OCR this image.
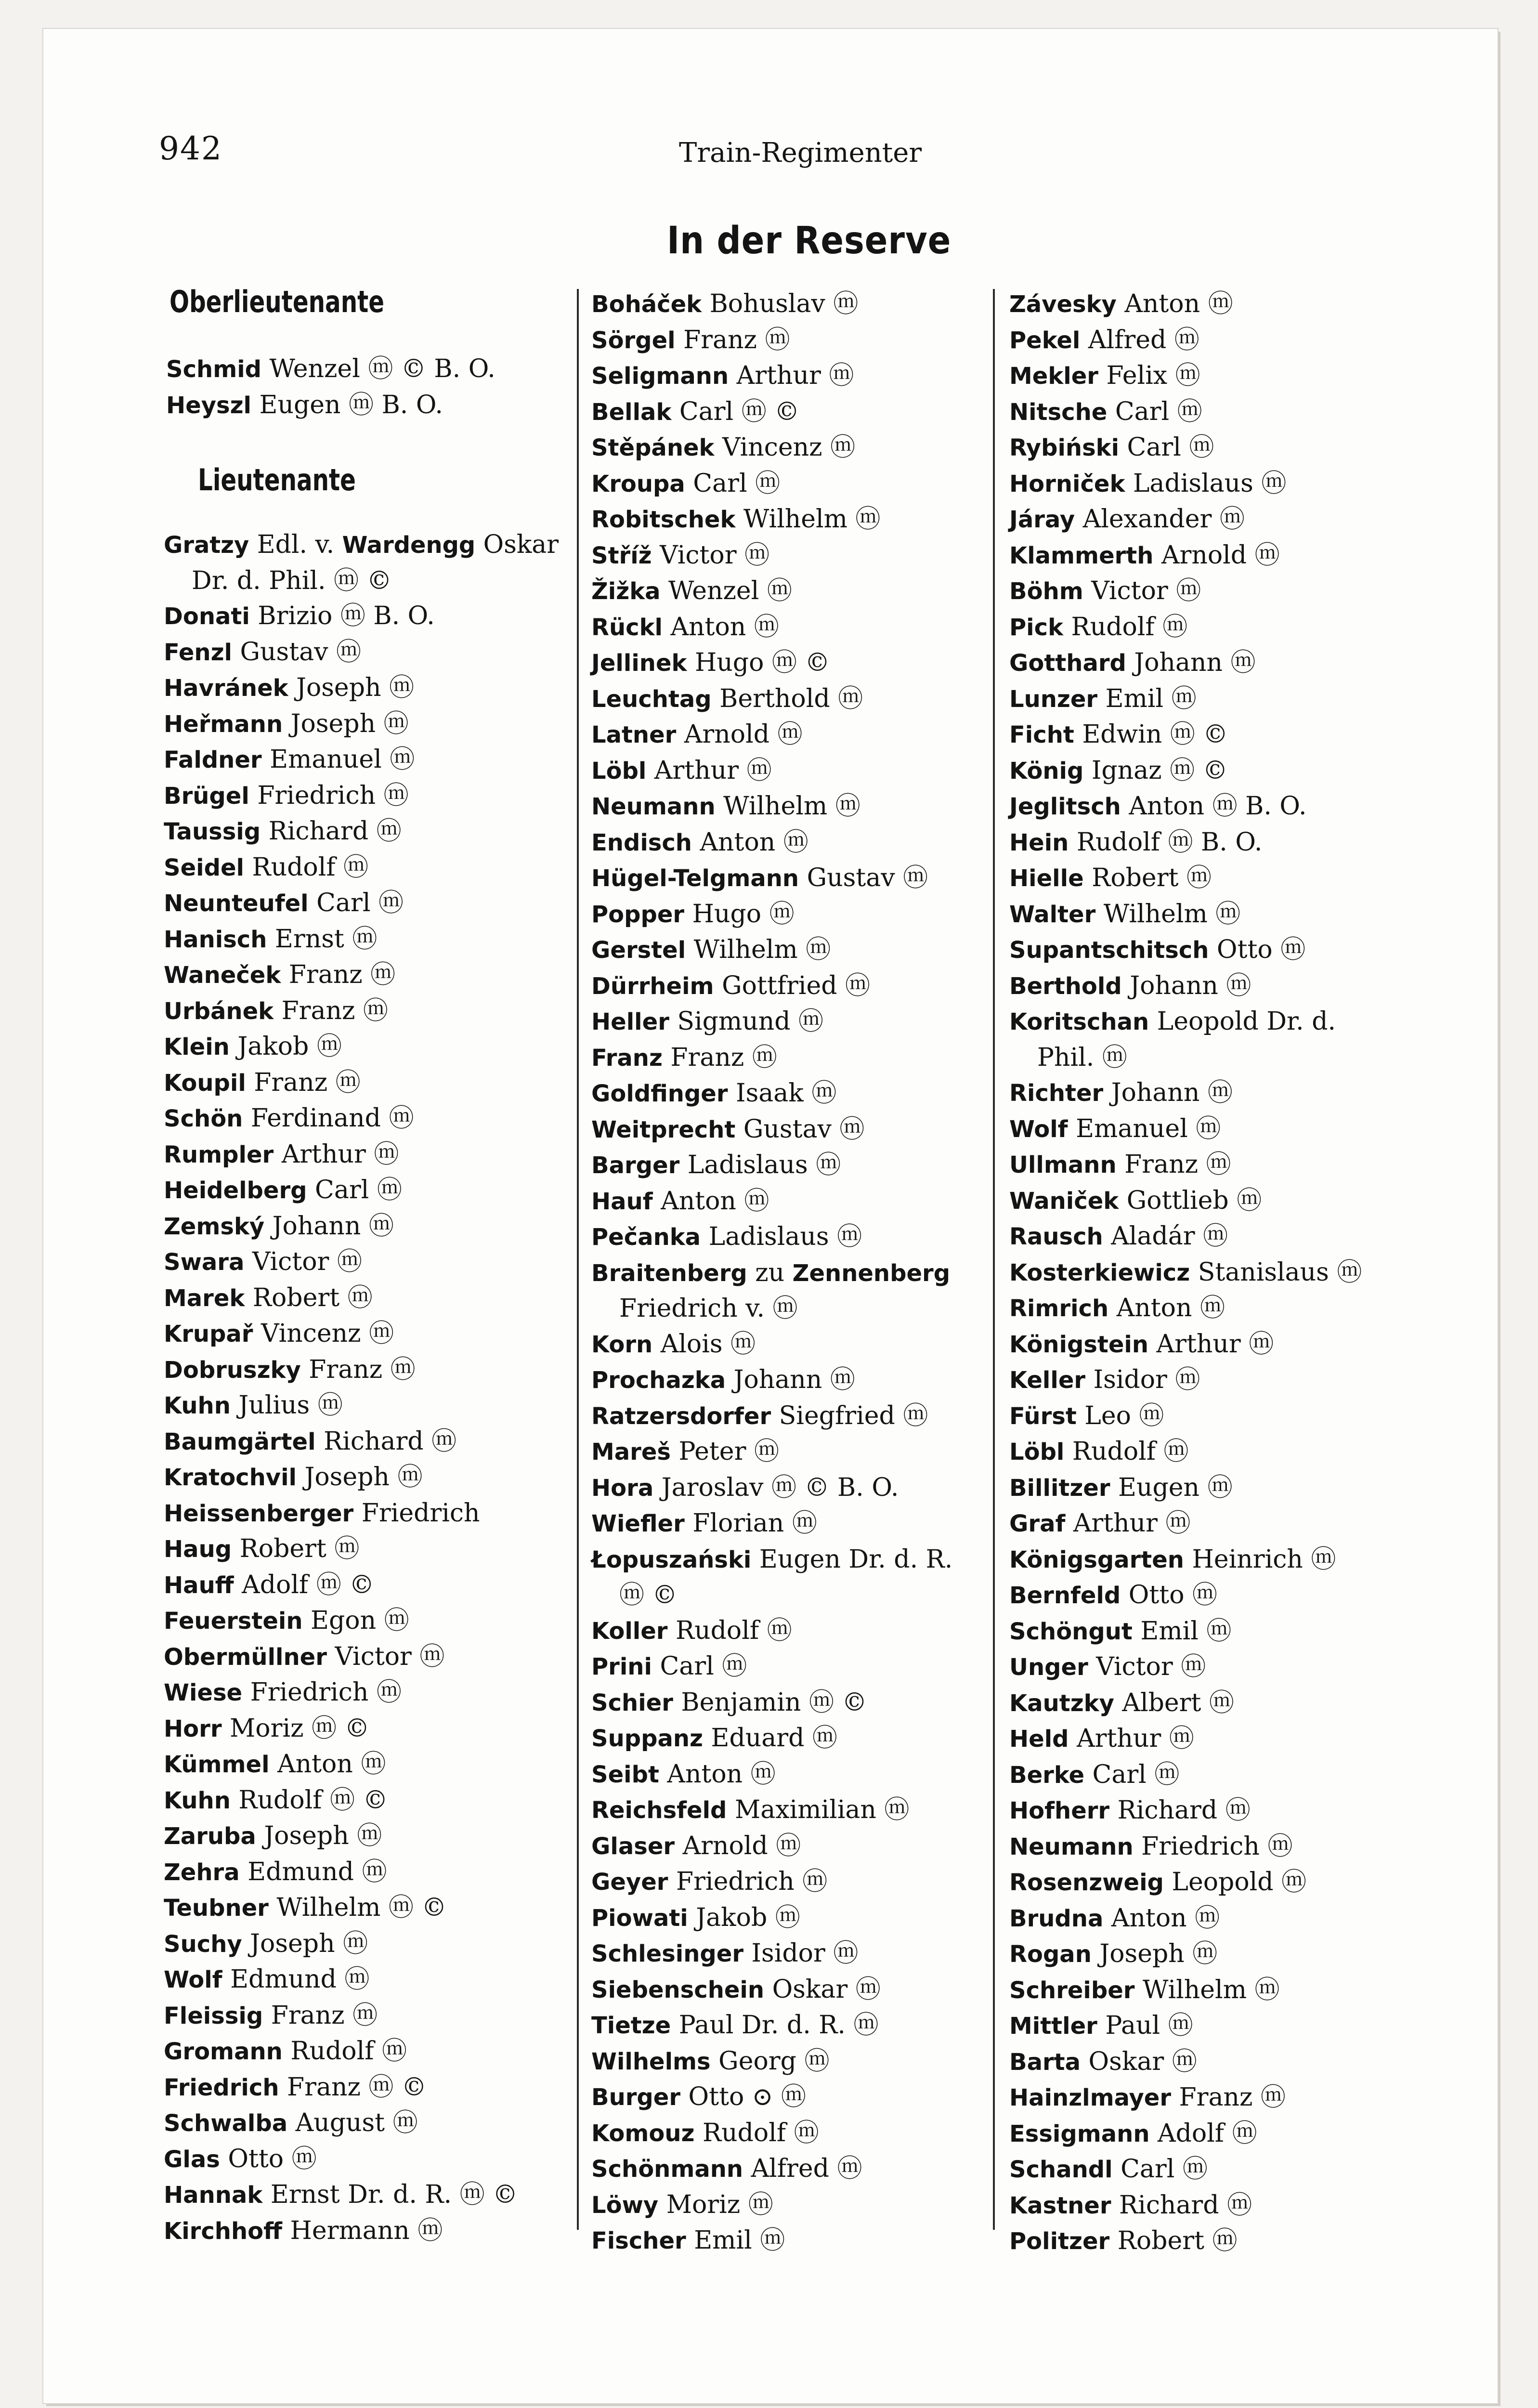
942	Train-Regimenter
In der Reserve
Oberlieutenante
Schmid Wenzel ⓜ © B. O.
Heyszl Eugen ⓜ B. O.
Lieutenante
Gratzy Edl. v. Wardengg Oskar
Dr. d. Phil. ⓜ ©
Donati Brizio ⓜ B. O.
Fenzl Gustav ⓜ
Havránek Joseph ⓜ
Heřmann Joseph ⓜ
Faldner Emanuel ⓜ
Brügel Friedrich ⓜ
Taussig Richard ⓜ
Seidel Rudolf ⓜ
Neunteufel Carl ⓜ
Hanisch Ernst ⓜ
Waneček Franz ⓜ
Urbánek Franz ⓜ
Klein Jakob ⓜ
Koupil Franz ⓜ
Schön Ferdinand ⓜ
Rumpler Arthur ⓜ
Heidelberg Carl ⓜ
Zemský Johann ⓜ
Swara Victor ⓜ
Marek Robert ⓜ
Krupař Vincenz ⓜ
Dobruszky Franz ⓜ
Kuhn Julius ⓜ
Baumgärtel Richard ⓜ
Kratochvil Joseph ⓜ
Heissenberger Friedrich
Haug Robert ⓜ
Hauff Adolf ⓜ ©
Feuerstein Egon ⓜ
Obermüllner Victor ⓜ
Wiese Friedrich ⓜ
Horr Moriz ⓜ ©
Kümmel Anton ⓜ
Kuhn Rudolf ⓜ ©
Zaruba Joseph ⓜ
Zehra Edmund ⓜ
Teubner Wilhelm ⓜ ©
Suchy Joseph ⓜ
Wolf Edmund ⓜ
Fleissig Franz ⓜ
Gromann Rudolf ⓜ
Friedrich Franz ⓜ ©
Schwalba August ⓜ
Glas Otto ⓜ
Hannak Ernst Dr. d. R. ⓜ ©
Kirchhoff Hermann ⓜ
Boháček Bohuslav ⓜ
Sörgel Franz ⓜ
Seligmann Arthur ⓜ
Bellak Carl ⓜ ©
Stěpánek Vincenz ⓜ
Kroupa Carl ⓜ
Robitschek Wilhelm ⓜ
Stříž Victor ⓜ
Žižka Wenzel ⓜ
Rückl Anton ⓜ
Jellinek Hugo ⓜ ©
Leuchtag Berthold ⓜ
Latner Arnold ⓜ
Löbl Arthur ⓜ
Neumann Wilhelm ⓜ
Endisch Anton ⓜ
Hügel-Telgmann Gustav ⓜ
Popper Hugo ⓜ
Gerstel Wilhelm ⓜ
Dürrheim Gottfried ⓜ
Heller Sigmund ⓜ
Franz Franz ⓜ
Goldfinger Isaak ⓜ
Weitprecht Gustav ⓜ
Barger Ladislaus ⓜ
Hauf Anton ⓜ
Pečanka Ladislaus ⓜ
Braitenberg zu Zennenberg
Friedrich v. ⓜ
Korn Alois ⓜ
Prochazka Johann ⓜ
Ratzersdorfer Siegfried ⓜ
Mareš Peter ⓜ
Hora Jaroslav ⓜ © B. O.
Wiefler Florian ⓜ
Łopuszański Eugen Dr. d. R.
ⓜ ©
Koller Rudolf ⓜ
Prini Carl ⓜ
Schier Benjamin ⓜ ©
Suppanz Eduard ⓜ
Seibt Anton ⓜ
Reichsfeld Maximilian ⓜ
Glaser Arnold ⓜ
Geyer Friedrich ⓜ
Piowati Jakob ⓜ
Schlesinger Isidor ⓜ
Siebenschein Oskar ⓜ
Tietze Paul Dr. d. R. ⓜ
Wilhelms Georg ⓜ
Burger Otto ⊙ ⓜ
Komouz Rudolf ⓜ
Schönmann Alfred ⓜ
Löwy Moriz ⓜ
Fischer Emil ⓜ
Závesky Anton ⓜ
Pekel Alfred ⓜ
Mekler Felix ⓜ
Nitsche Carl ⓜ
Rybiński Carl ⓜ
Horniček Ladislaus ⓜ
Járay Alexander ⓜ
Klammerth Arnold ⓜ
Böhm Victor ⓜ
Pick Rudolf ⓜ
Gotthard Johann ⓜ
Lunzer Emil ⓜ
Ficht Edwin ⓜ ©
König Ignaz ⓜ ©
Jeglitsch Anton ⓜ B. O.
Hein Rudolf ⓜ B. O.
Hielle Robert ⓜ
Walter Wilhelm ⓜ
Supantschitsch Otto ⓜ
Berthold Johann ⓜ
Koritschan Leopold Dr. d.
Phil. ⓜ
Richter Johann ⓜ
Wolf Emanuel ⓜ
Ullmann Franz ⓜ
Waniček Gottlieb ⓜ
Rausch Aladár ⓜ
Kosterkiewicz Stanislaus ⓜ
Rimrich Anton ⓜ
Königstein Arthur ⓜ
Keller Isidor ⓜ
Fürst Leo ⓜ
Löbl Rudolf ⓜ
Billitzer Eugen ⓜ
Graf Arthur ⓜ
Königsgarten Heinrich ⓜ
Bernfeld Otto ⓜ
Schöngut Emil ⓜ
Unger Victor ⓜ
Kautzky Albert ⓜ
Held Arthur ⓜ
Berke Carl ⓜ
Hofherr Richard ⓜ
Neumann Friedrich ⓜ
Rosenzweig Leopold ⓜ
Brudna Anton ⓜ
Rogan Joseph ⓜ
Schreiber Wilhelm ⓜ
Mittler Paul ⓜ
Barta Oskar ⓜ
Hainzlmayer Franz ⓜ
Essigmann Adolf ⓜ
Schandl Carl ⓜ
Kastner Richard ⓜ
Politzer Robert ⓜ
